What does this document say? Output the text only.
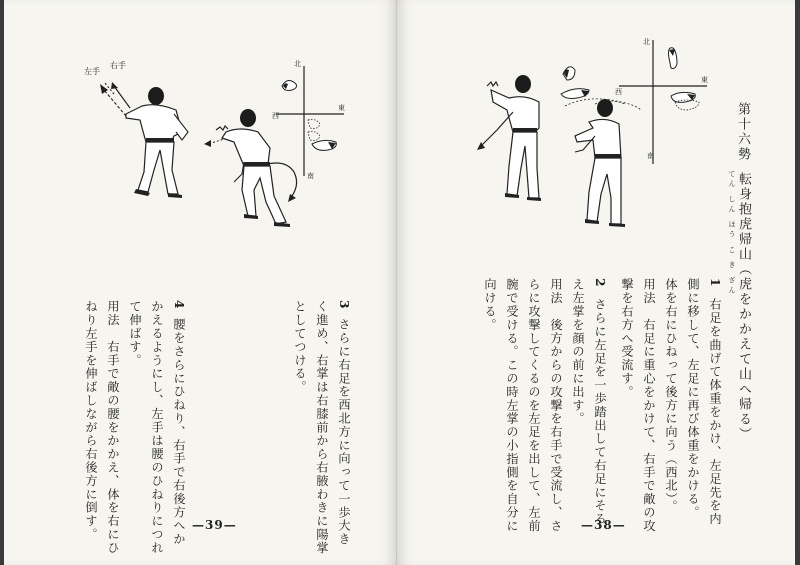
左手
右手	北
東
西
南
3
さらに右足を西北方に向って一歩大き
く進め、右掌は右膝前から右腋わきに陽掌
としてつける。
4
腰をさらにひねり、右手で右後方へか
かえるようにし、左手は腰のひねりにつれ
て伸ばす。
用法　右手で敵の腰をかかえ、体を右にひ
ねり左手を伸ばしながら右後方に倒す。	—39—
北
東
西
南	第十六勢
てん しん ほう こ き ざん 転身抱虎帰山（虎をかかえて山へ帰る）
1
右足を曲げて体重をかけ、左足先を内
側に移して、左足に再び体重をかける。
体を右にひねって後方に向う（西北）。
用法　右足に重心をかけて、右手で敵の攻
撃を右方へ受流す。
2
さらに左足を一歩踏出して右足にそろ
え左掌を顔の前に出す。
用法　後方からの攻撃を右手で受流し、さ
らに攻撃してくるのを左足を出して、左前
腕で受ける。この時左掌の小指側を自分に
向ける。
—38—
